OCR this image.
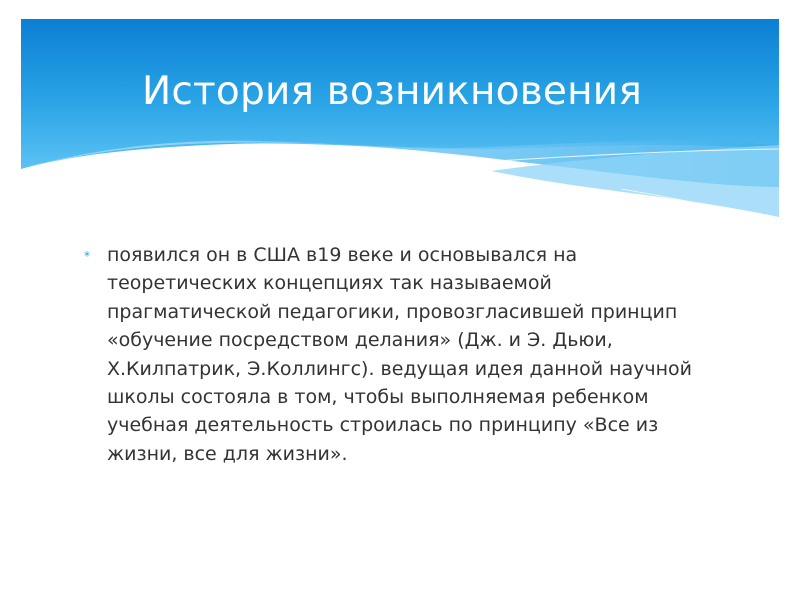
История возникновения
* появился он в США в19 веке и основывался на теоретических концепциях так называемой прагматической педагогики, провозгласившей принцип «обучение посредством делания» (Дж. и Э. Дьюи, Х.Килпатрик, Э.Коллингс). ведущая идея данной научной школы состояла в том, чтобы выполняемая ребенком учебная деятельность строилась по принципу «Все из жизни, все для жизни».
